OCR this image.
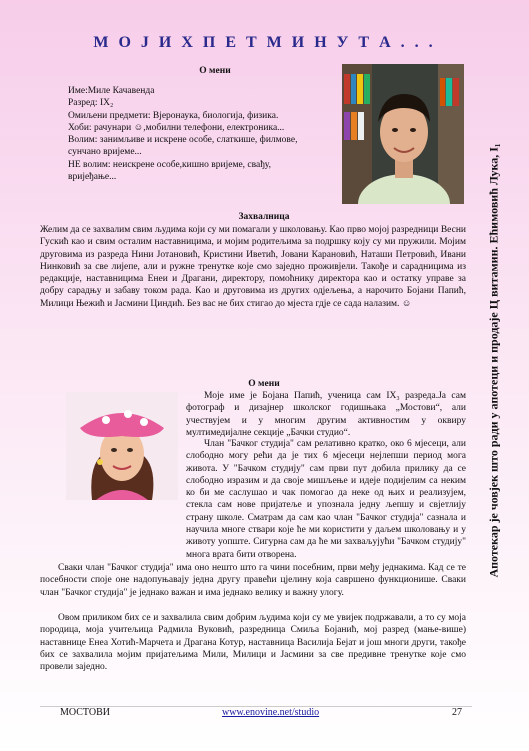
М О Ј И Х П Е Т М И Н У Т А . . .
О мени
Име:Миле Качавенда
Разред: IX₂
Омиљени предмети: Вјеронаука, биологија, физика.
Хоби: рачунари ☺,мобилни телефони, електроника...
Волим: занимљиве и искрене особе, слаткише, филмове,
сунчано вријеме...
НЕ волим: неискрене особе,кишно вријеме, свађу,
вријеђање...
Захвалница
Желим да се захвалим свим људима који су ми помагали у школовању. Као прво мојој разредници Весни Гускић као и свим осталим наставницима, и мојим родитељима за подршку коју су ми пружили. Мојим друговима из разреда Нини Јотановић, Кристини Иветић, Јовани Карановић, Наташи Петровић, Ивани Нинковић за све лијепе, али и ружне тренутке које смо заједно проживјели. Такође и сарадницима из редакције, наставницима Енеи и Драгани, директору, помоћнику директора као и остатку управе за добру сарадњу и забаву током рада. Као и друговима из других одјељења, а нарочито Бојани Папић, Милици Њежић и Јасмини Циндић. Без вас не бих стигао до мјеста гдје се сада налазим. ☺
О мени
Моје име је Бојана Папић, ученица сам IX₃ разреда.Ја сам фотограф и дизајнер школског годишњака „Мостови“, али учествујем и у многим другим активностим у оквиру мултимедијалне секције „Бачки студио“.
Члан "Бачког студија" сам релативно кратко, око 6 мјесеци, али слободно могу рећи да је тих 6 мјесеци нејлепши период мога живота. У "Бачком студију" сам први пут добила прилику да се слободно изразим и да своје мишљење и идеје подијелим са неким ко би ме саслушао и чак помогао да неке од њих и реализујем, стекла сам нове пријатеље и упознала једну љепшу и свјетлију страну школе. Сматрам да сам као члан "Бачког студија" сазнала и научила многе ствари које ће ми користити у даљем школовању и у животу уопште. Сигурна сам да ће ми захваљујући "Бачком студију" многа врата бити отворена.
Сваки члан "Бачког студија" има оно нешто што га чини посебним, први међу једнакима. Кад се те посебности споје оне надопуњавају једна другу правећи цјелину која савршено функционише. Сваки члан "Бачког студија" је једнако важан и има једнако велику и важну улогу.
Овом приликом бих се и захвалила свим добрим људима који су ме увијек подржавали, а то су моја породица, моја учитељица Радмила Вуковић, разредница Смиља Бојанић, мој разред (мање-више) наставнице Енеа Хотић-Марчета и Драгана Котур, наставница Василија Бејат и још многи други, такође бих се захвалила мојим пријатељима Мили, Милици и Јасмини за све предивне тренутке које смо провели заједно.
Апотекар је човјек што ради у апотеци и продаје Ц витамин. Ећимовић Лука, I₁
МОСТОВИ	www.enovine.net/studio	27
